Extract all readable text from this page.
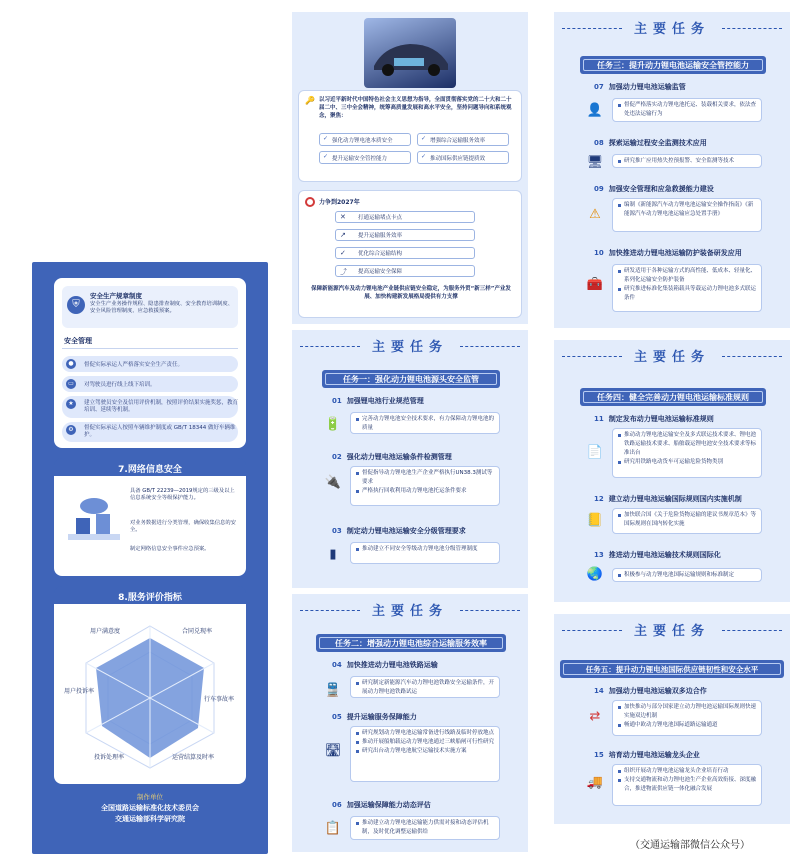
⛨
安全生产规章制度
安全生产业务操作规程、隐患排查制度、安全教育培训制度、安全风险管理制度、应急救援预案。
安全管理
●	督促实际承运人严格落实安全生产责任。
▭	对驾驶员进行线上线下培训。
★	建立驾驶员安全及信用评价机制，按照评价结果实施奖惩，教育培训、延续等机制。
⚙	督促实际承运人按照车辆维护制度或 GB/T 18344 做好车辆维护。
7.网络信息安全
具备 GB/T 22239—2019规定的三级及以上信息系统安全等级保护能力。
对业务数据进行分类管理，确保收集信息的安全。
制定网络信息安全事件应急预案。
8.服务评价指标
用户满意度	合同兑现率
行车事故率
运营结算及时率
投诉处理率
用户投诉率
制作单位
全国道路运输标准化技术委员会
交通运输部科学研究院
🔑 以习近平新时代中国特色社会主义思想为指导，全面贯彻落实党的二十大和二十届二中、三中全会精神，统筹高质量发展和高水平安全，坚持问题导向和系统观念，聚焦：
✓ 强化动力锂电池本质安全	✓ 增强综合运输服务效率
✓ 提升运输安全管控能力	✓ 推动国际供应链提质效
力争到2027年
✕ 打通运输堵点卡点
↗ 提升运输服务效率
✓ 优化综合运输结构
⤴ 提高运输安全保障
保障新能源汽车及动力锂电池产业链供应链安全稳定，为服务外贸“新三样”产业发展、加快构建新发展格局提供有力支撑
主要任务
任务一：强化动力锂电池源头安全监管
01 加强锂电池行业规范管理
🔋	完善动力锂电池安全技术要求，有力保障动力锂电池的质量

02 强化动力锂电池运输条件检测管理
🔌

督促指导动力锂电池生产企业严格执行UN38.3测试等要求

严格执行回收利用动力锂电池托运条件要求

03 制定动力锂电池运输安全分级管理要求
▮	推动建立不同安全等级动力锂电池分级管理制度

主要任务
任务二：增强动力锂电池综合运输服务效率
04 加快推进动力锂电池铁路运输
🚆	研究制定新能源汽车动力锂电池铁路安全运输条件，开展动力锂电池铁路试运

05 提升运输服务保障能力
🛣

研究规划动力锂电池运输常备进行线路及临时停放地点

推动开展船舶载运动力锂电池通过三峡船闸可行性研究

研究出台动力锂电池航空运输技术实施方案

06 加强运输保障能力动态评估
📋	推动建立动力锂电池运输能力供需对接和动态评估机制，及时优化调整运输供给

主要任务
任务三：提升动力锂电池运输安全管控能力
07 加强动力锂电池运输监管
👤	督促严格落实动力锂电池托运、装载相关要求，依法查处违法运输行为

08 探索运输过程安全监测技术应用
🖥	研究推广应用热失控预报警、安全监测等技术

09 加强安全管理和应急救援能力建设
⚠

编制《新能源汽车动力锂电池运输安全操作指南》《新能源汽车动力锂电池运输应急处置手册》

10 加快推进动力锂电池运输防护装备研发应用
🧰

研发适用于各种运输方式的高性能、低成本、轻量化、系列化运输安全防护装备

研究推进标准化集装箱载具等载运动力锂电池多式联运条件

主要任务
任务四：健全完善动力锂电池运输标准规则
11 制定发布动力锂电池运输标准规则
📄

推动动力锂电池运输安全及多式联运技术要求、锂电池铁路运输技术要求、船舶载运锂电池安全技术要求等标准出台

研究用铁路电动货车可运输危险货物类别

12 建立动力锂电池运输国际规则国内实施机制
📒	加快联合国《关于危险货物运输的建议书规章范本》等国际规则在国内转化实施

13 推进动力锂电池运输技术规则国际化
🌏	积极参与动力锂电池国际运输规则和标准制定

主要任务
任务五：提升动力锂电池国际供应链韧性和安全水平
14 加强动力锂电池运输双多边合作
⇄

加快推动与部分国家建立动力锂电池运输国际规则快速实施双边机制

畅通中欧动力锂电池国际道路运输通道

15 培育动力锂电池运输龙头企业
🚚

组织开展动力锂电池运输龙头企业培育行动

支持交通物流和动力锂电池生产企业高效衔接、深度融合，推进物流供应链一体化融合发展

（交通运输部微信公众号）
